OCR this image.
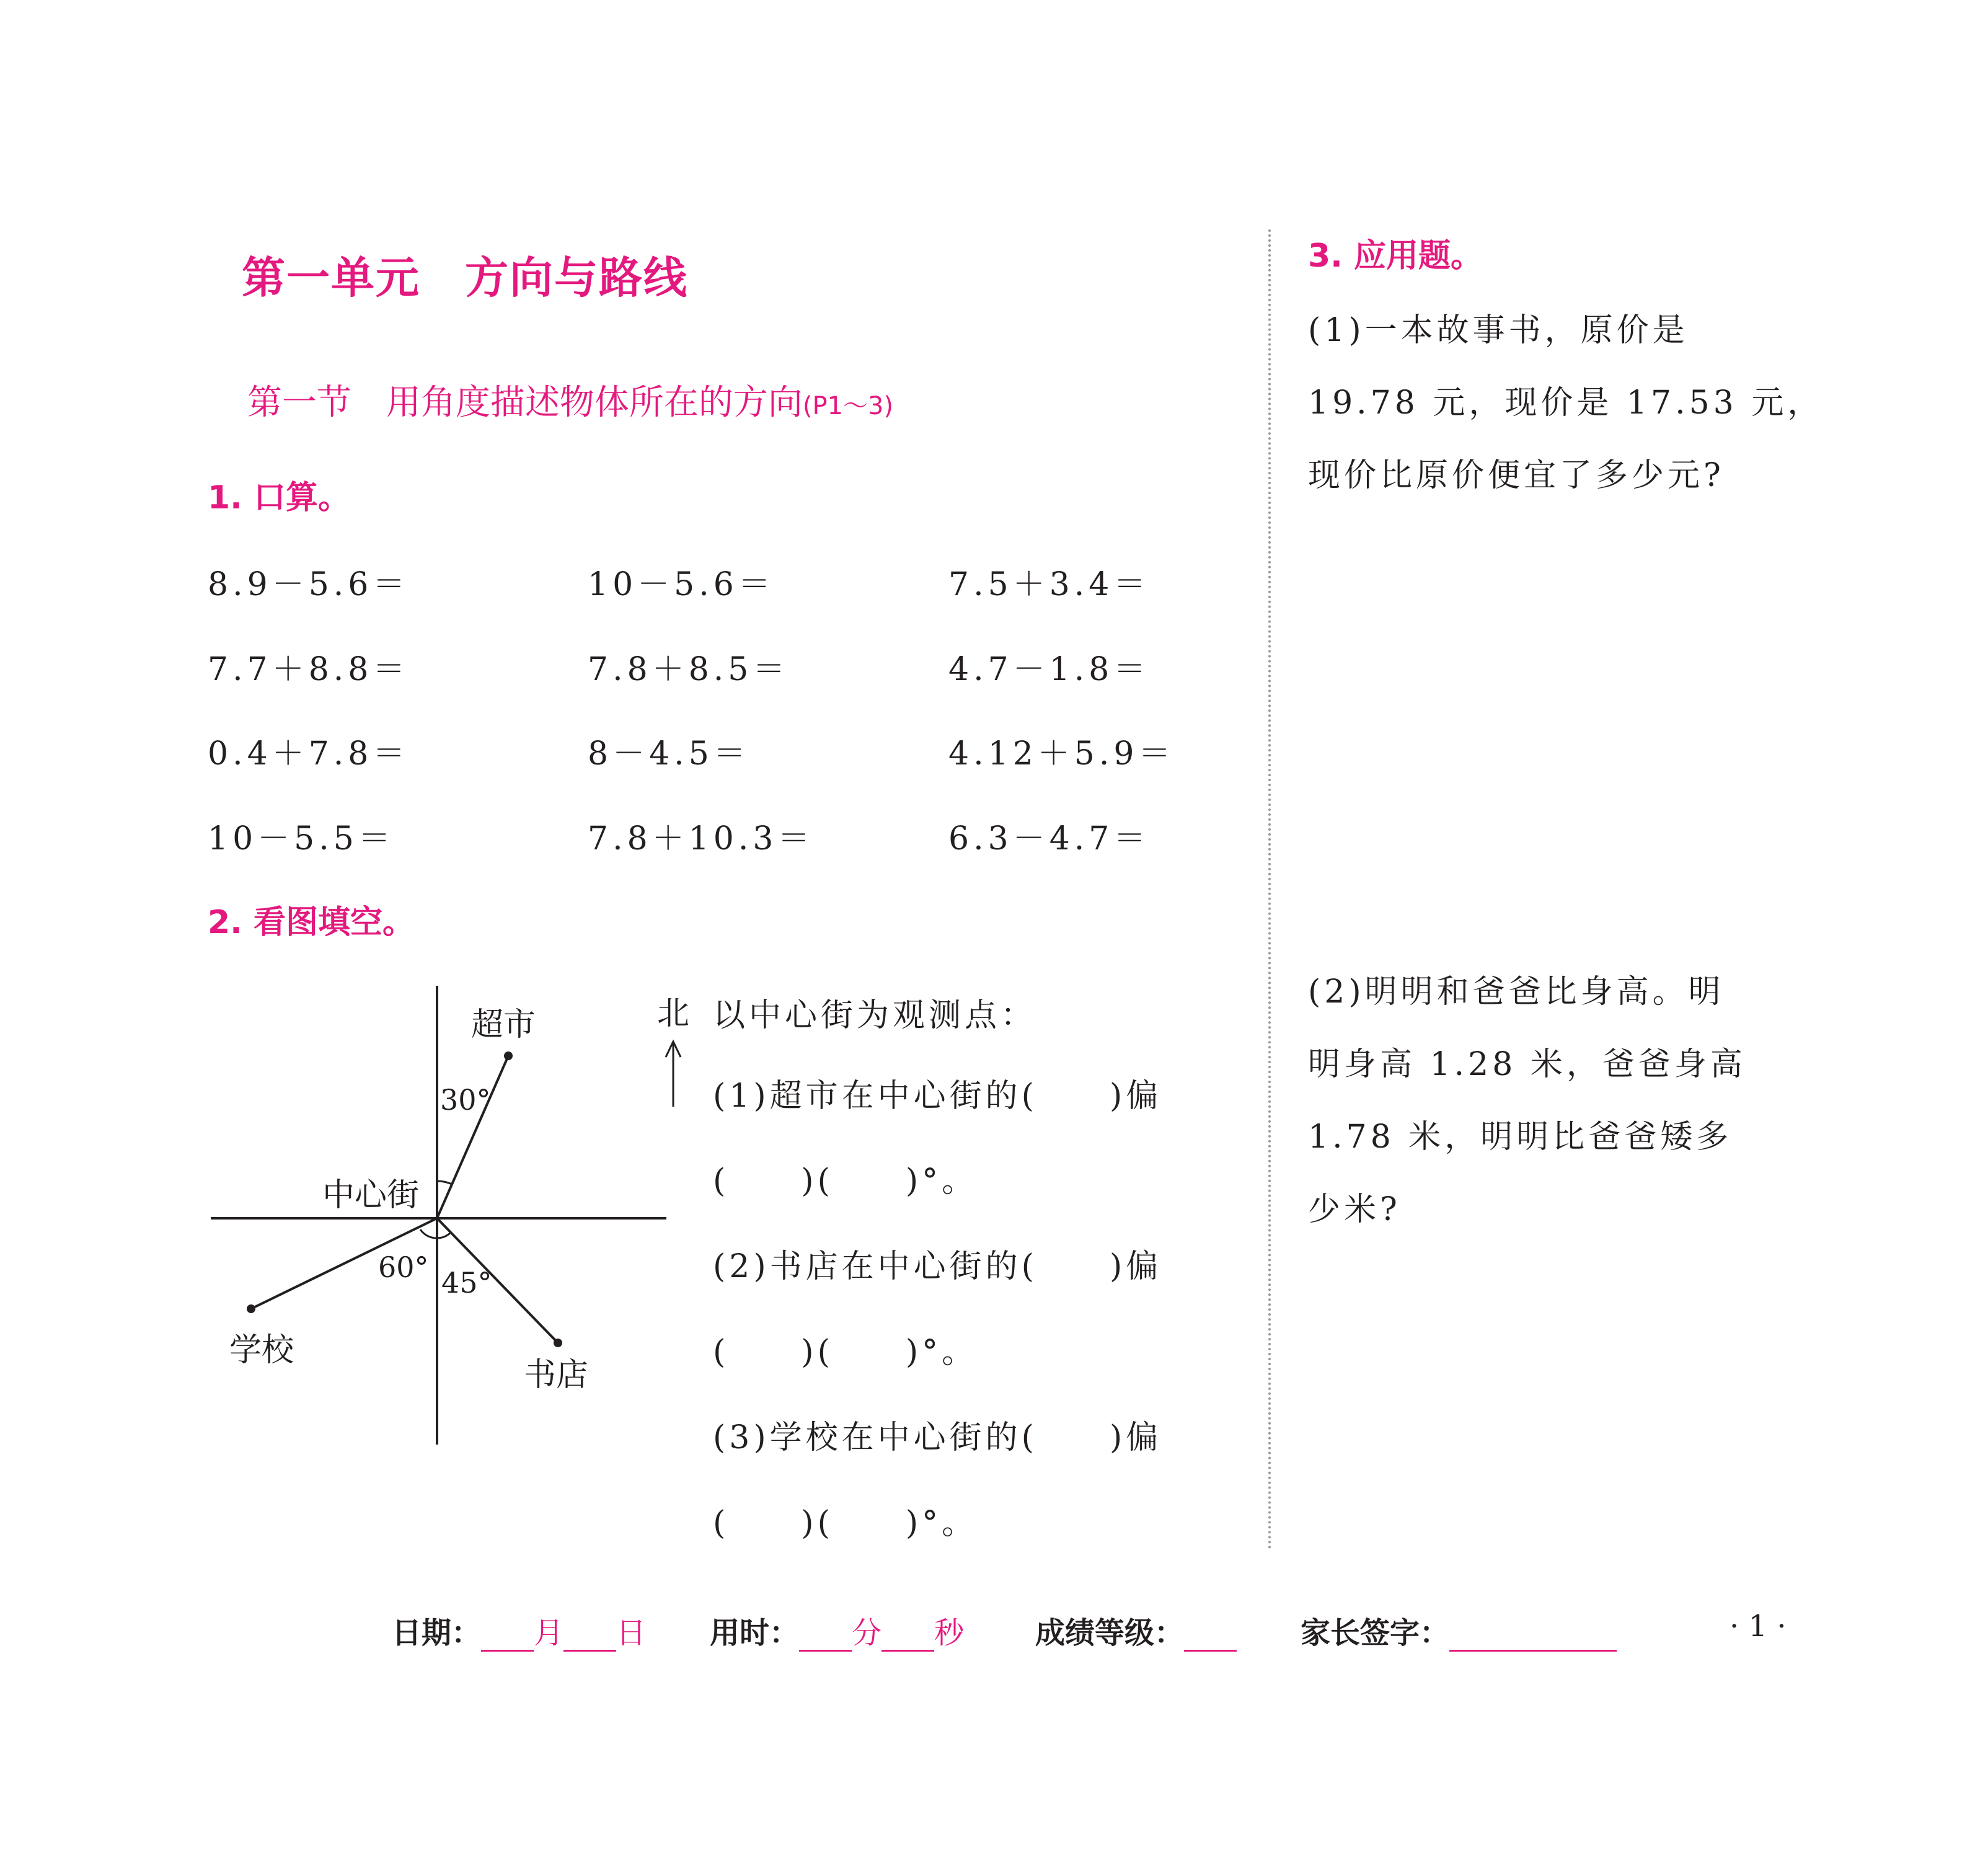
第一单元　方向与路线
第一节　用角度描述物体所在的方向(P1～3)
1. 口算。
8.9－5.6＝	10－5.6＝	7.5＋3.4＝
7.7＋8.8＝	7.8＋8.5＝	4.7－1.8＝
0.4＋7.8＝	8－4.5＝	4.12＋5.9＝
10－5.5＝	7.8＋10.3＝	6.3－4.7＝
2. 看图填空。
超市
30°
中心街
60° 45°
学校
书店
北 以中心街为观测点：
(1)超市在中心街的(　　)偏
(　　)(　　)°。
(2)书店在中心街的(　　)偏
(　　)(　　)°。
(3)学校在中心街的(　　)偏
(　　)(　　)°。
3. 应用题。
(1)一本故事书，原价是
19.78 元，现价是 17.53 元，
现价比原价便宜了多少元?
(2)明明和爸爸比身高。明
明身高 1.28 米，爸爸身高
1.78 米，明明比爸爸矮多
少米?
日期： 月 日 用时： 分 秒 成绩等级：	家长签字：	· 1 ·
